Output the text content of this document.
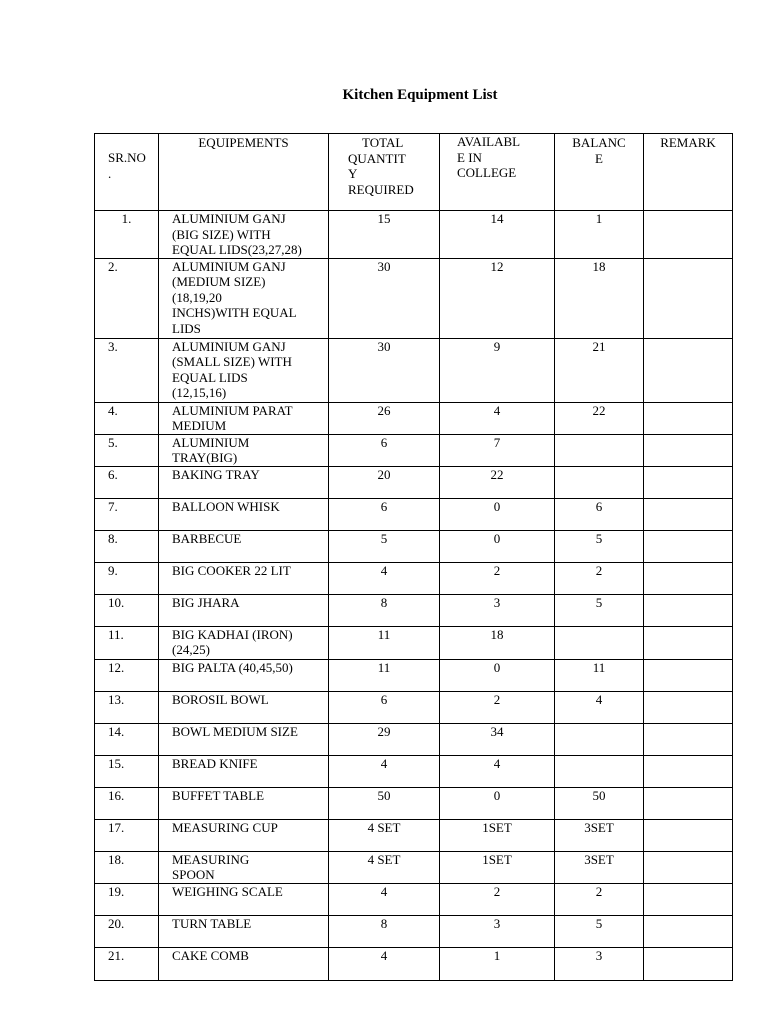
Kitchen Equipment List
SR.NO
.	EQUIPEMENTS	TOTAL
QUANTIT
Y
REQUIRED	AVAILABL
E IN
COLLEGE	BALANC
E	REMARK
1.	ALUMINIUM GANJ
(BIG SIZE) WITH
EQUAL LIDS(23,27,28)	15	14	1	
2.	ALUMINIUM GANJ
(MEDIUM SIZE)
(18,19,20
INCHS)WITH EQUAL
LIDS	30	12	18	
3.	ALUMINIUM GANJ
(SMALL SIZE) WITH
EQUAL LIDS
(12,15,16)	30	9	21	
4.	ALUMINIUM PARAT
MEDIUM	26	4	22	
5.	ALUMINIUM
TRAY(BIG)	6	7		
6.	BAKING TRAY	20	22		
7.	BALLOON WHISK	6	0	6	
8.	BARBECUE	5	0	5	
9.	BIG COOKER 22 LIT	4	2	2	
10.	BIG JHARA	8	3	5	
11.	BIG KADHAI (IRON)
(24,25)	11	18		
12.	BIG PALTA (40,45,50)	11	0	11	
13.	BOROSIL BOWL	6	2	4	
14.	BOWL MEDIUM SIZE	29	34		
15.	BREAD KNIFE	4	4		
16.	BUFFET TABLE	50	0	50	
17.	MEASURING CUP	4 SET	1SET	3SET	
18.	MEASURING
SPOON	4 SET	1SET	3SET	
19.	WEIGHING SCALE	4	2	2	
20.	TURN TABLE	8	3	5	
21.	CAKE COMB	4	1	3	
